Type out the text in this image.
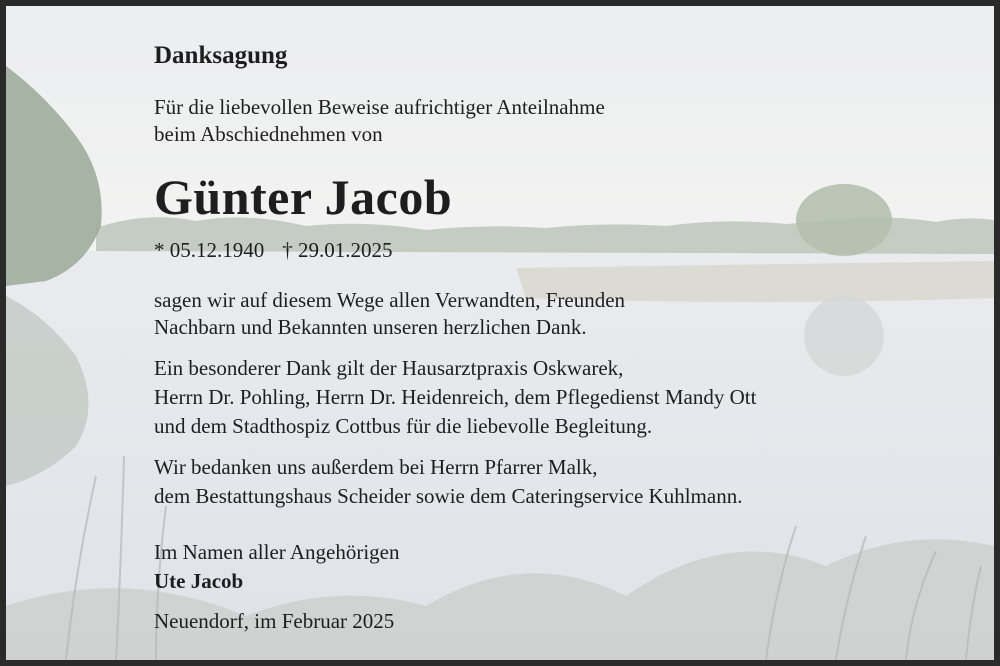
Danksagung
Für die liebevollen Beweise aufrichtiger Anteilnahme
beim Abschiednehmen von
Günter Jacob
* 05.12.1940 † 29.01.2025
sagen wir auf diesem Wege allen Verwandten, Freunden
Nachbarn und Bekannten unseren herzlichen Dank.
Ein besonderer Dank gilt der Hausarztpraxis Oskwarek,
Herrn Dr. Pohling, Herrn Dr. Heidenreich, dem Pflegedienst Mandy Ott
und dem Stadthospiz Cottbus für die liebevolle Begleitung.
Wir bedanken uns außerdem bei Herrn Pfarrer Malk,
dem Bestattungshaus Scheider sowie dem Cateringservice Kuhlmann.
Im Namen aller Angehörigen
Ute Jacob
Neuendorf, im Februar 2025
